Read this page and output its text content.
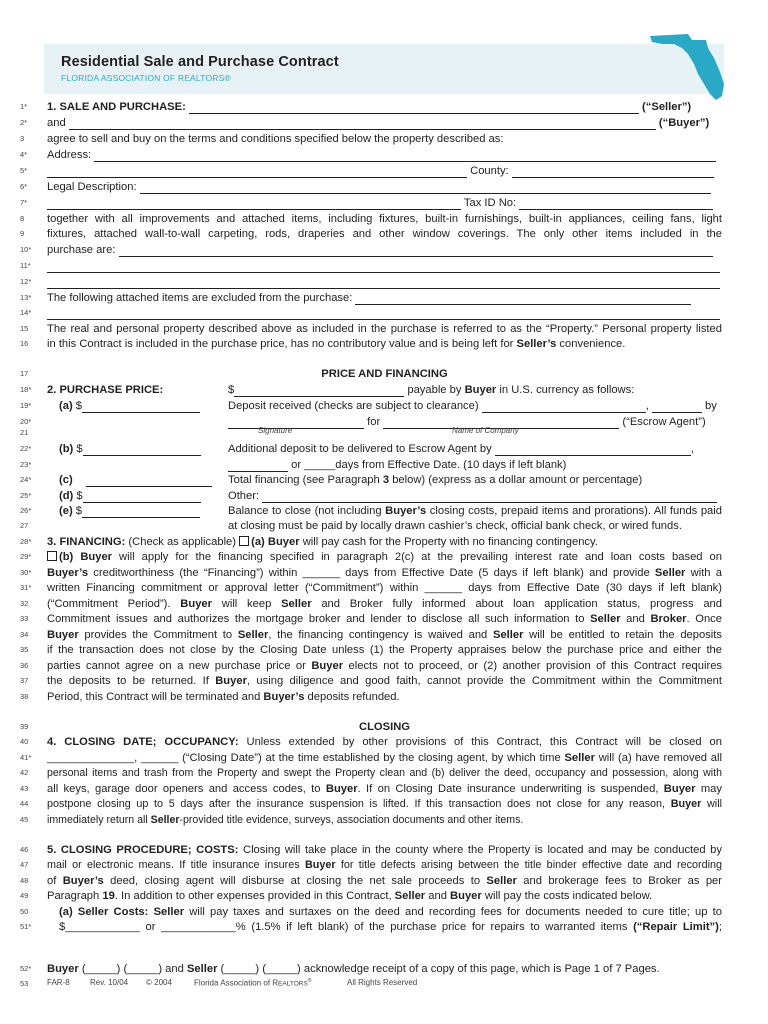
Residential Sale and Purchase Contract
FLORIDA ASSOCIATION OF REALTORS®
1*
2*
3
4*
5*
6*
7*
8
9
10*
11*
12*
13*
14*
15
16
17
18*
19*
20*
21
22*
23*
24*
25*
26*
27
28*
29*
30*
31*
32
33
34
35
36
37
38
39
40
41*
42
43
44
45
46
47
48
49
50
51*
52*
53
1. SALE AND PURCHASE:	(“Seller”)
and	(“Buyer”)
agree to sell and buy on the terms and conditions specified below the property described as:
Address:
County:
Legal Description:
Tax ID No:
together with all improvements and attached items, including fixtures, built-in furnishings, built-in appliances, ceiling fans, light
fixtures, attached wall-to-wall carpeting, rods, draperies and other window coverings. The only other items included in the
purchase are:
The following attached items are excluded from the purchase:
The real and personal property described above as included in the purchase is referred to as the “Property.” Personal property listed
in this Contract is included in the purchase price, has no contributory value and is being left for Seller’s convenience.
PRICE AND FINANCING
2. PURCHASE PRICE:	$	payable by Buyer in U.S. currency as follows:
(a) $	Deposit received (checks are subject to clearance)	,	by
for	(“Escrow Agent”)
Signature	Name of Company
(b) $	Additional deposit to be delivered to Escrow Agent by	,
or _____days from Effective Date. (10 days if left blank)
(c)	Total financing (see Paragraph 3 below) (express as a dollar amount or percentage)
(d) $	Other:
(e) $	Balance to close (not including Buyer’s closing costs, prepaid items and prorations). All funds paid
at closing must be paid by locally drawn cashier’s check, official bank check, or wired funds.
3. FINANCING: (Check as applicable) (a) Buyer will pay cash for the Property with no financing contingency.
(b) Buyer will apply for the financing specified in paragraph 2(c) at the prevailing interest rate and loan costs based on
Buyer’s creditworthiness (the “Financing”) within ______ days from Effective Date (5 days if left blank) and provide Seller with a
written Financing commitment or approval letter (“Commitment”) within ______ days from Effective Date (30 days if left blank)
(“Commitment Period”). Buyer will keep Seller and Broker fully informed about loan application status, progress and
Commitment issues and authorizes the mortgage broker and lender to disclose all such information to Seller and Broker. Once
Buyer provides the Commitment to Seller, the financing contingency is waived and Seller will be entitled to retain the deposits
if the transaction does not close by the Closing Date unless (1) the Property appraises below the purchase price and either the
parties cannot agree on a new purchase price or Buyer elects not to proceed, or (2) another provision of this Contract requires
the deposits to be returned. If Buyer, using diligence and good faith, cannot provide the Commitment within the Commitment
Period, this Contract will be terminated and Buyer’s deposits refunded.
CLOSING
4. CLOSING DATE; OCCUPANCY: Unless extended by other provisions of this Contract, this Contract will be closed on
______________, ______ (“Closing Date”) at the time established by the closing agent, by which time Seller will (a) have removed all
personal items and trash from the Property and swept the Property clean and (b) deliver the deed, occupancy and possession, along with
all keys, garage door openers and access codes, to Buyer. If on Closing Date insurance underwriting is suspended, Buyer may
postpone closing up to 5 days after the insurance suspension is lifted. If this transaction does not close for any reason, Buyer will
immediately return all Seller-provided title evidence, surveys, association documents and other items.
5. CLOSING PROCEDURE; COSTS: Closing will take place in the county where the Property is located and may be conducted by
mail or electronic means. If title insurance insures Buyer for title defects arising between the title binder effective date and recording
of Buyer’s deed, closing agent will disburse at closing the net sale proceeds to Seller and brokerage fees to Broker as per
Paragraph 19. In addition to other expenses provided in this Contract, Seller and Buyer will pay the costs indicated below.
(a) Seller Costs: Seller will pay taxes and surtaxes on the deed and recording fees for documents needed to cure title; up to
$____________ or ____________% (1.5% if left blank) of the purchase price for repairs to warranted items (“Repair Limit”);
Buyer (_____) (_____) and Seller (_____) (_____) acknowledge receipt of a copy of this page, which is Page 1 of 7 Pages.
FAR-8	Rev. 10/04 © 2004	Florida Association of REALTORS®	All Rights Reserved
